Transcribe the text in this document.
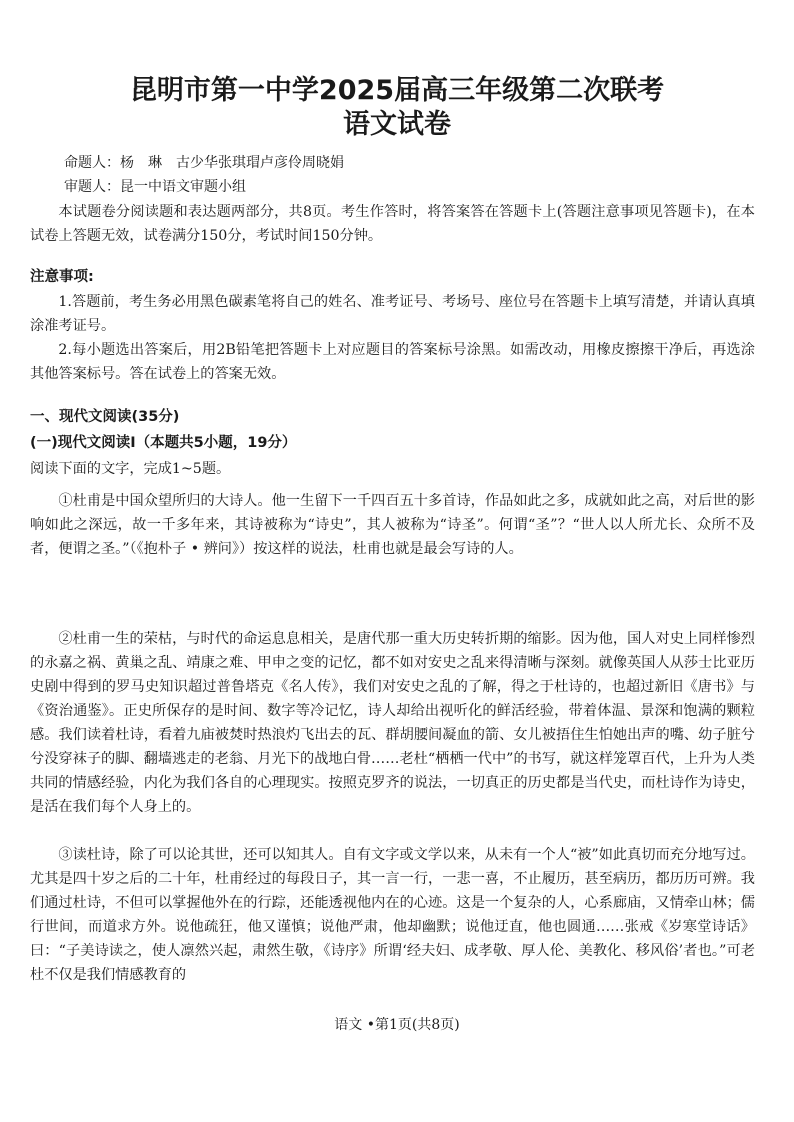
昆明市第一中学2025届高三年级第二次联考
语文试卷
命题人：杨　琳　古少华张琪瑁卢彦伶周晓娟
审题人：昆一中语文审题小组
本试题卷分阅读题和表达题两部分，共8页。考生作答时，将答案答在答题卡上(答题注意事项见答题卡)，在本试卷上答题无效，试卷满分150分，考试时间150分钟。
注意事项:
1.答题前，考生务必用黑色碳素笔将自己的姓名、准考证号、考场号、座位号在答题卡上填写清楚，并请认真填涂准考证号。
2.每小题选出答案后，用2B铅笔把答题卡上对应题目的答案标号涂黑。如需改动，用橡皮擦擦干净后，再选涂其他答案标号。答在试卷上的答案无效。
一、现代文阅读(35分)
(一)现代文阅读Ⅰ（本题共5小题，19分）
阅读下面的文字，完成1~5题。
①杜甫是中国众望所归的大诗人。他一生留下一千四百五十多首诗，作品如此之多，成就如此之高，对后世的影响如此之深远，故一千多年来，其诗被称为“诗史”，其人被称为“诗圣”。何谓“圣”？“世人以人所尤长、众所不及者，便谓之圣。”（《抱朴子 • 辨问》）按这样的说法，杜甫也就是最会写诗的人。
②杜甫一生的荣枯，与时代的命运息息相关，是唐代那一重大历史转折期的缩影。因为他，国人对史上同样惨烈的永嘉之祸、黄巢之乱、靖康之难、甲申之变的记忆，都不如对安史之乱来得清晰与深刻。就像英国人从莎士比亚历史剧中得到的罗马史知识超过普鲁塔克《名人传》，我们对安史之乱的了解，得之于杜诗的，也超过新旧《唐书》与《资治通鉴》。正史所保存的是时间、数字等冷记忆，诗人却给出视听化的鲜活经验，带着体温、景深和饱满的颗粒感。我们读着杜诗，看着九庙被焚时热浪灼飞出去的瓦、群胡腰间凝血的箭、女儿被捂住生怕她出声的嘴、幼子脏兮兮没穿袜子的脚、翻墙逃走的老翁、月光下的战地白骨……老杜“栖栖一代中”的书写，就这样笼罩百代，上升为人类共同的情感经验，内化为我们各自的心理现实。按照克罗齐的说法，一切真正的历史都是当代史，而杜诗作为诗史，是活在我们每个人身上的。
③读杜诗，除了可以论其世，还可以知其人。自有文字或文学以来，从未有一个人“被”如此真切而充分地写过。尤其是四十岁之后的二十年，杜甫经过的每段日子，其一言一行，一悲一喜，不止履历，甚至病历，都历历可辨。我们通过杜诗，不但可以掌握他外在的行踪，还能透视他内在的心迹。这是一个复杂的人，心系廊庙，又情牵山林；儒行世间，而道求方外。说他疏狂，他又谨慎；说他严肃，他却幽默；说他迂直，他也圆通……张戒《岁寒堂诗话》曰：“子美诗读之，使人凛然兴起，肃然生敬，《诗序》所谓‘经夫妇、成孝敬、厚人伦、美教化、移风俗’者也。”可老杜不仅是我们情感教育的
语文 •第1页(共8页)
